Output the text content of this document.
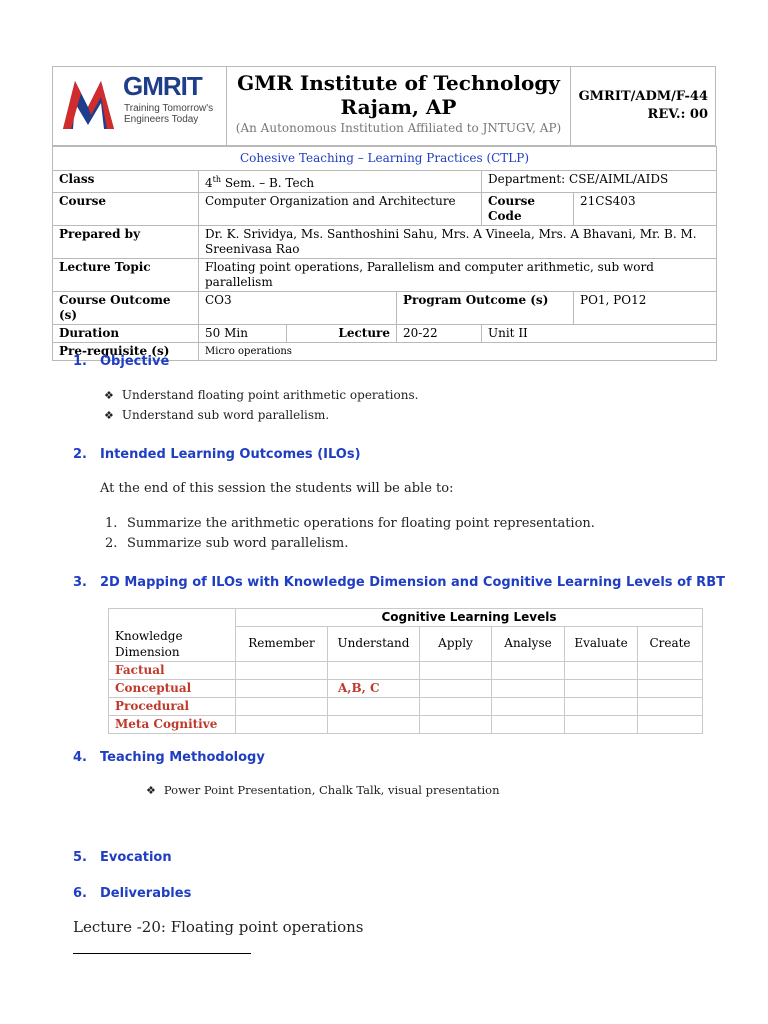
GMRIT
Training Tomorrow's
Engineers Today
GMR Institute of Technology
Rajam, AP
(An Autonomous Institution Affiliated to JNTUGV, AP)
GMRIT/ADM/F-44
REV.: 00
Cohesive Teaching – Learning Practices (CTLP)					
Class	4th Sem. – B. Tech			Department: CSE/AIML/AIDS	
Course	Computer Organization and Architecture			Course Code	21CS403
Prepared by	Dr. K. Srividya, Ms. Santhoshini Sahu, Mrs. A Vineela, Mrs. A Bhavani, Mr. B. M. Sreenivasa Rao				
Lecture Topic	Floating point operations, Parallelism and computer arithmetic, sub word parallelism				
Course Outcome (s)	CO3		Program Outcome (s)		PO1, PO12
Duration	50 Min	Lecture	20-22	Unit II	
Pre-requisite (s)	Micro operations				
1. Objective
❖ Understand floating point arithmetic operations.
❖ Understand sub word parallelism.
2. Intended Learning Outcomes (ILOs)
At the end of this session the students will be able to:
1. Summarize the arithmetic operations for floating point representation.
2. Summarize sub word parallelism.
3. 2D Mapping of ILOs with Knowledge Dimension and Cognitive Learning Levels of RBT
	Cognitive Learning Levels					
Knowledge Dimension	Remember	Understand	Apply	Analyse	Evaluate	Create
Factual						
Conceptual		A,B, C				
Procedural						
Meta Cognitive						
4. Teaching Methodology
❖ Power Point Presentation, Chalk Talk, visual presentation
5. Evocation
6. Deliverables
Lecture -20: Floating point operations
